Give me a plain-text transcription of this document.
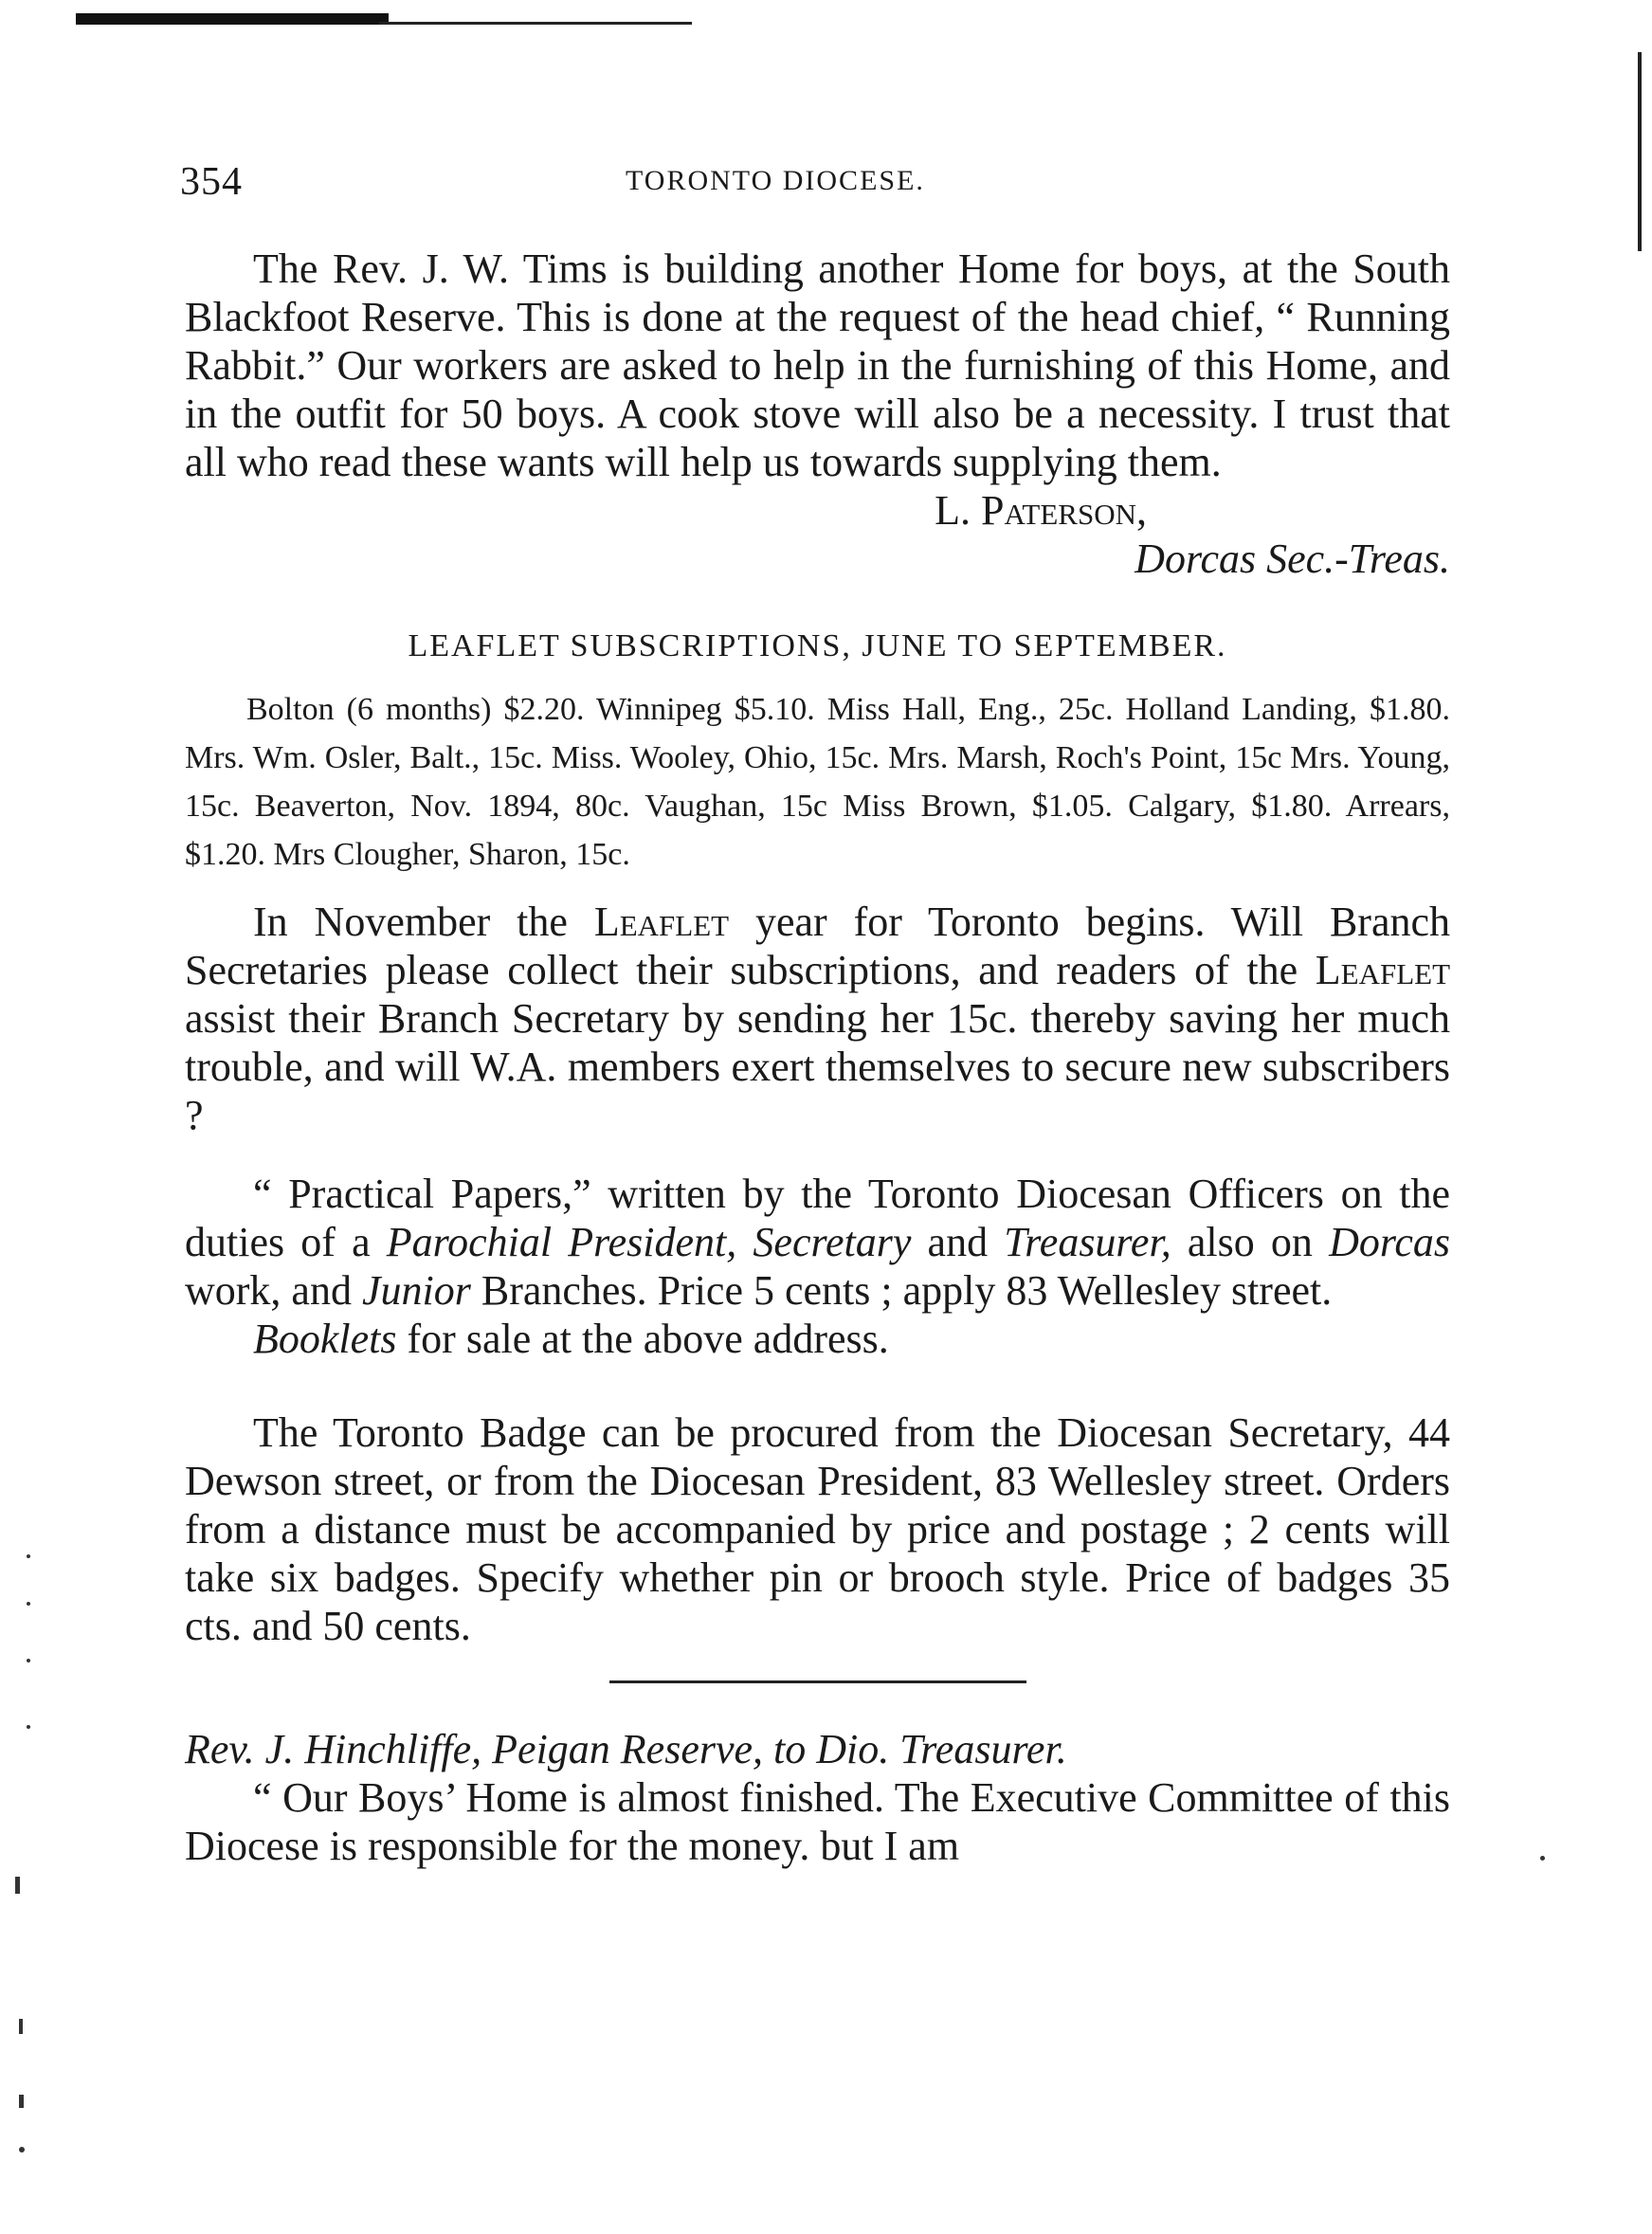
354	TORONTO DIOCESE.

The Rev. J. W. Tims is building another Home for boys, at the South Blackfoot Reserve. This is done at the request of the head chief, “ Running Rabbit.” Our workers are asked to help in the furnishing of this Home, and in the outfit for 50 boys. A cook stove will also be a necessity. I trust that all who read these wants will help us towards supplying them.

L. Paterson,
Dorcas Sec.-Treas.
LEAFLET SUBSCRIPTIONS, JUNE TO SEPTEMBER.

Bolton (6 months) $2.20. Winnipeg $5.10. Miss Hall, Eng., 25c. Holland Landing, $1.80. Mrs. Wm. Osler, Balt., 15c. Miss. Wooley, Ohio, 15c. Mrs. Marsh, Roch's Point, 15c Mrs. Young, 15c. Beaverton, Nov. 1894, 80c. Vaughan, 15c Miss Brown, $1.05. Calgary, $1.80. Arrears, $1.20. Mrs Clougher, Sharon, 15c.

In November the Leaflet year for Toronto begins. Will Branch Secretaries please collect their subscriptions, and readers of the Leaflet assist their Branch Secretary by sending her 15c. thereby saving her much trouble, and will W.A. members exert themselves to secure new subscribers ?

“ Practical Papers,” written by the Toronto Diocesan Officers on the duties of a Parochial President, Secretary and Treasurer, also on Dorcas work, and Junior Branches. Price 5 cents ; apply 83 Wellesley street.

Booklets for sale at the above address.

The Toronto Badge can be procured from the Diocesan Secretary, 44 Dewson street, or from the Diocesan President, 83 Wellesley street. Orders from a distance must be accompanied by price and postage ; 2 cents will take six badges. Specify whether pin or brooch style. Price of badges 35 cts. and 50 cents.

Rev. J. Hinchliffe, Peigan Reserve, to Dio. Treasurer.

“ Our Boys’ Home is almost finished. The Executive Committee of this Diocese is responsible for the money. but I am
